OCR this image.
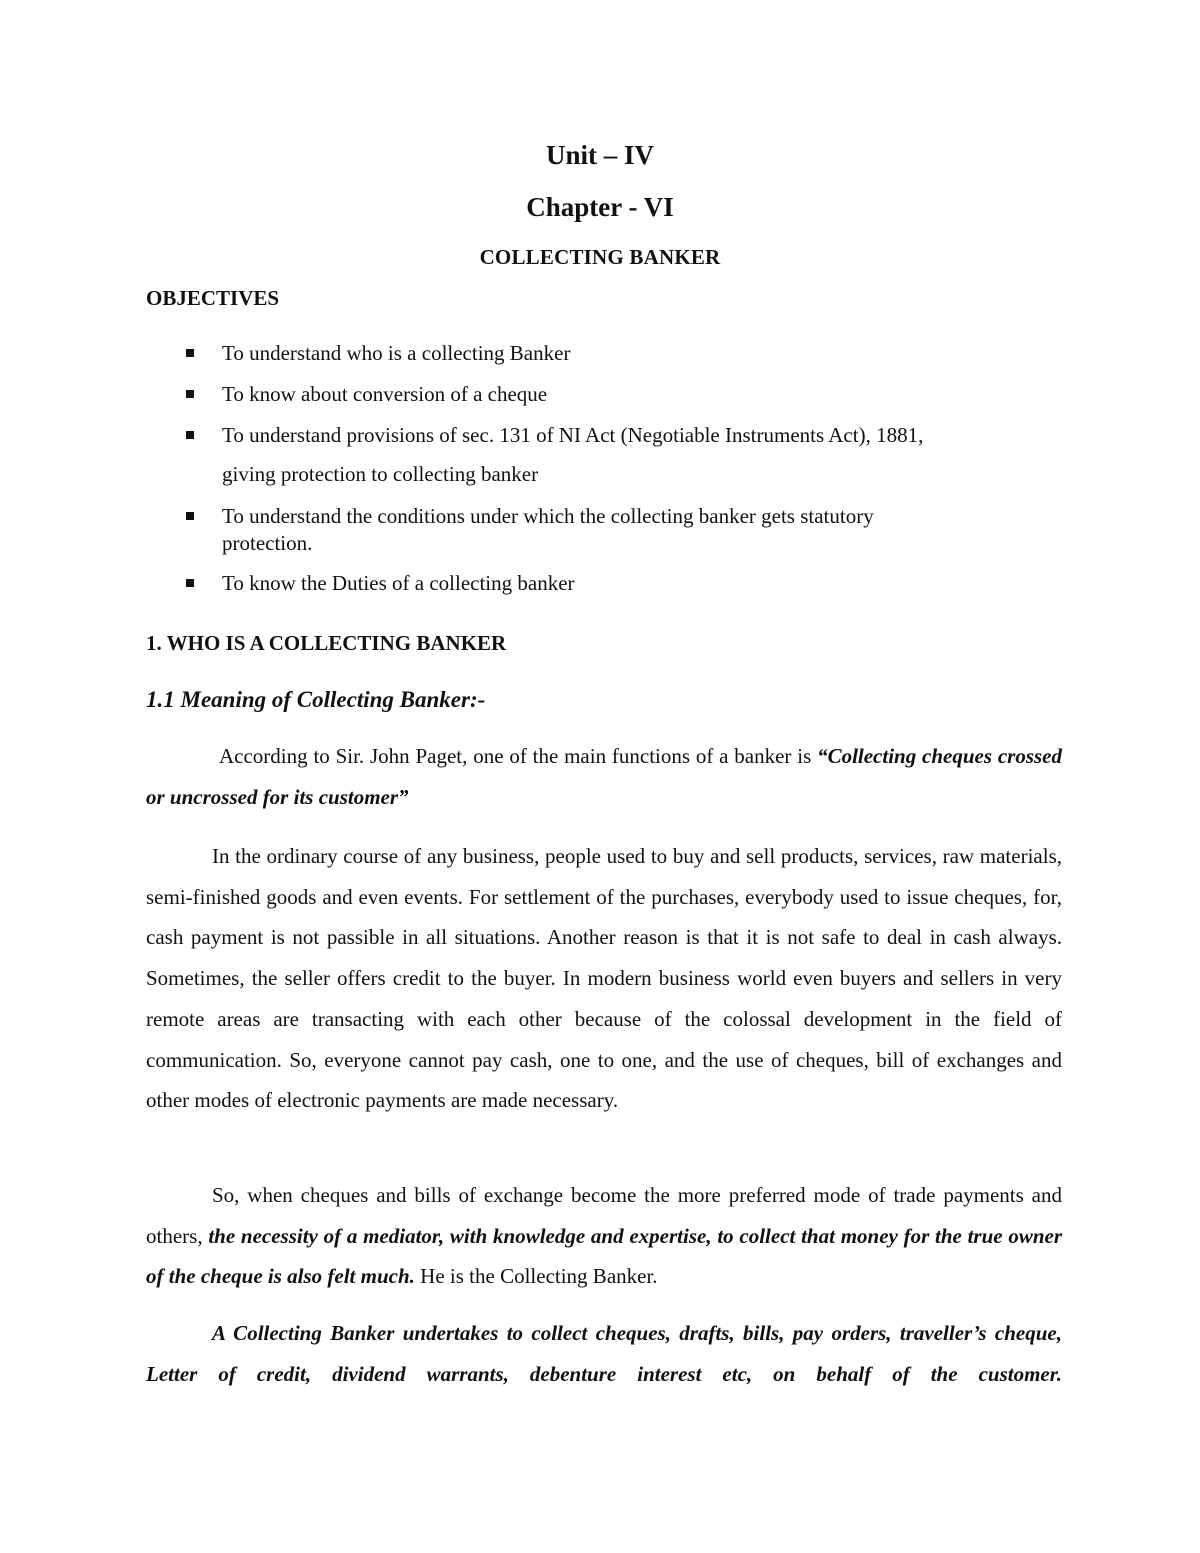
Unit – IV
Chapter - VI
COLLECTING BANKER
OBJECTIVES
To understand who is a collecting Banker
To know about conversion of a cheque
To understand provisions of sec. 131 of NI Act (Negotiable Instruments Act), 1881,
giving protection to collecting banker
To understand the conditions under which the collecting banker gets statutory
protection.
To know the Duties of a collecting banker
1. WHO IS A COLLECTING BANKER
1.1 Meaning of Collecting Banker:-

According to Sir. John Paget, one of the main functions of a banker is “Collecting cheques crossed or uncrossed for its customer”

In the ordinary course of any business, people used to buy and sell products, services, raw materials, semi-finished goods and even events. For settlement of the purchases, everybody used to issue cheques, for, cash payment is not passible in all situations. Another reason is that it is not safe to deal in cash always. Sometimes, the seller offers credit to the buyer. In modern business world even buyers and sellers in very remote areas are transacting with each other because of the colossal development in the field of communication. So, everyone cannot pay cash, one to one, and the use of cheques, bill of exchanges and other modes of electronic payments are made necessary.

So, when cheques and bills of exchange become the more preferred mode of trade payments and others, the necessity of a mediator, with knowledge and expertise, to collect that money for the true owner of the cheque is also felt much. He is the Collecting Banker.

A Collecting Banker undertakes to collect cheques, drafts, bills, pay orders, traveller’s cheque, Letter of credit, dividend warrants, debenture interest etc, on behalf of the customer.
